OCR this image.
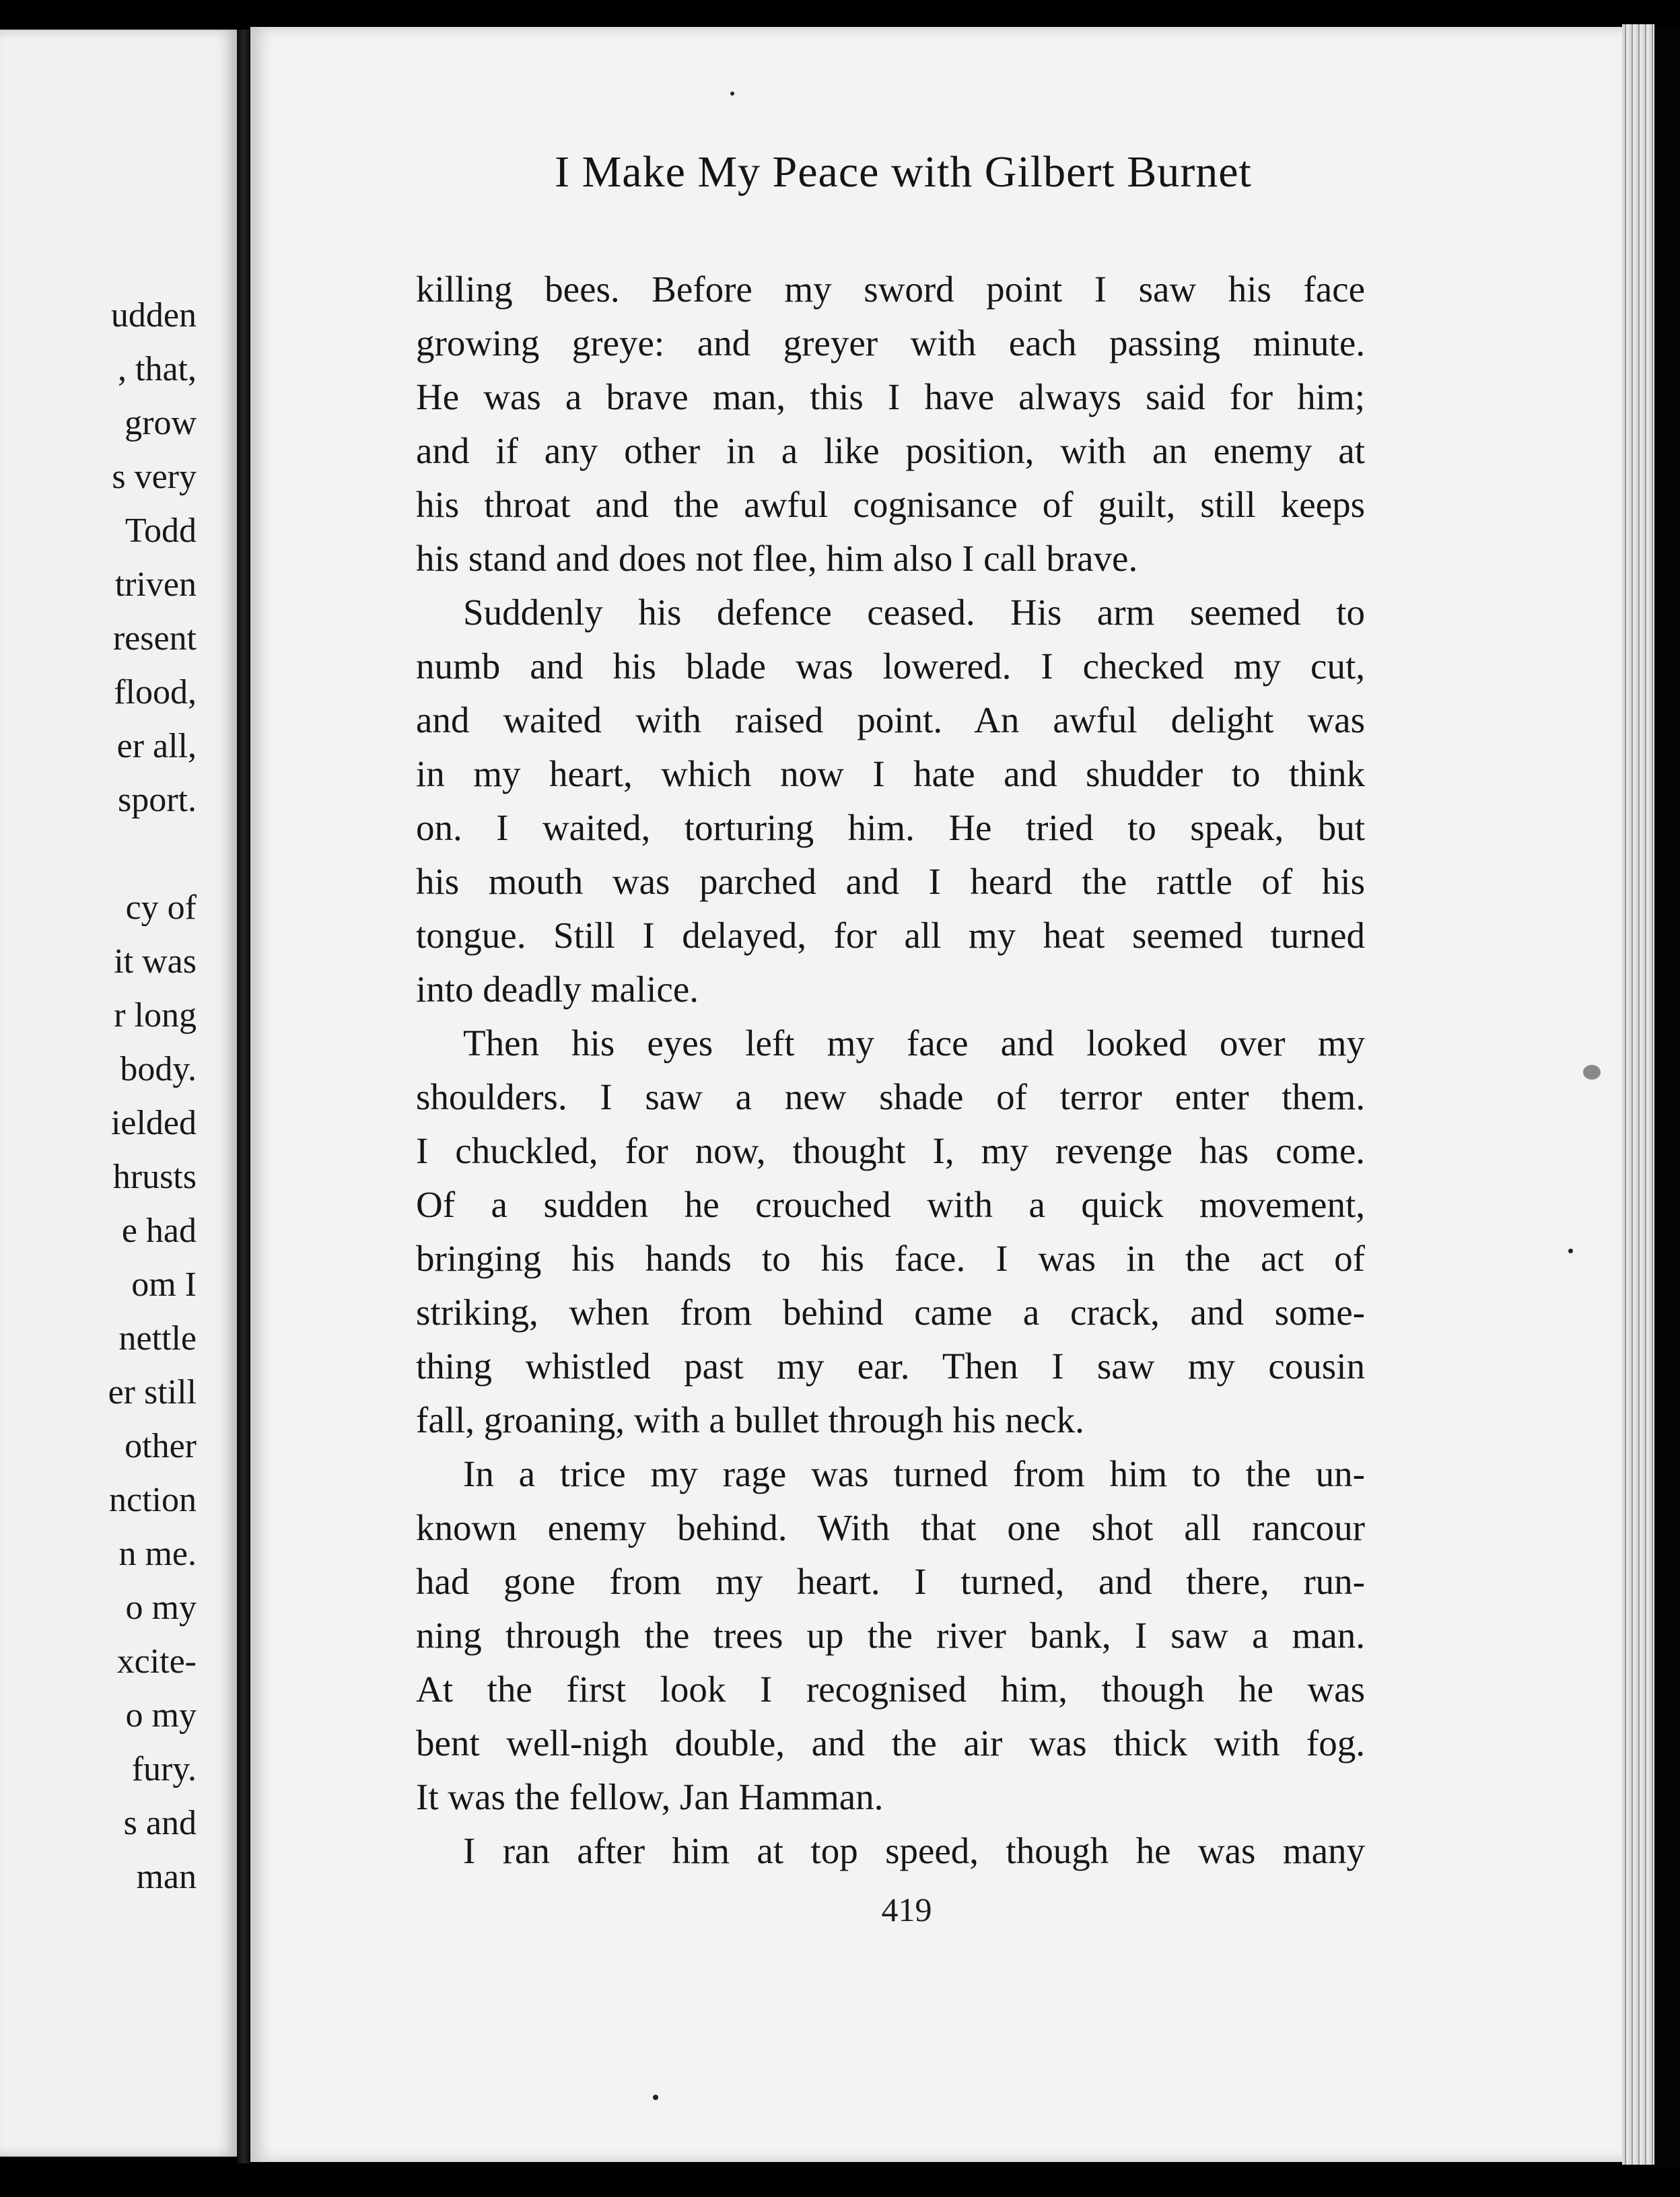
udden
, that,
grow
s very
Todd
triven
resent
flood,
er all,
sport.
cy of
it was
r long
body.
ielded
hrusts
e had
om I
nettle
er still
other
nction
n me.
o my
xcite-
o my
fury.
s and
man
I Make My Peace with Gilbert Burnet
killing bees. Before my sword point I saw his face
growing greye: and greyer with each passing minute.
He was a brave man, this I have always said for him;
and if any other in a like position, with an enemy at
his throat and the awful cognisance of guilt, still keeps
his stand and does not flee, him also I call brave.
Suddenly his defence ceased. His arm seemed to
numb and his blade was lowered. I checked my cut,
and waited with raised point. An awful delight was
in my heart, which now I hate and shudder to think
on. I waited, torturing him. He tried to speak, but
his mouth was parched and I heard the rattle of his
tongue. Still I delayed, for all my heat seemed turned
into deadly malice.
Then his eyes left my face and looked over my
shoulders. I saw a new shade of terror enter them.
I chuckled, for now, thought I, my revenge has come.
Of a sudden he crouched with a quick movement,
bringing his hands to his face. I was in the act of
striking, when from behind came a crack, and some-
thing whistled past my ear. Then I saw my cousin
fall, groaning, with a bullet through his neck.
In a trice my rage was turned from him to the un-
known enemy behind. With that one shot all rancour
had gone from my heart. I turned, and there, run-
ning through the trees up the river bank, I saw a man.
At the first look I recognised him, though he was
bent well-nigh double, and the air was thick with fog.
It was the fellow, Jan Hamman.
I ran after him at top speed, though he was many
419
